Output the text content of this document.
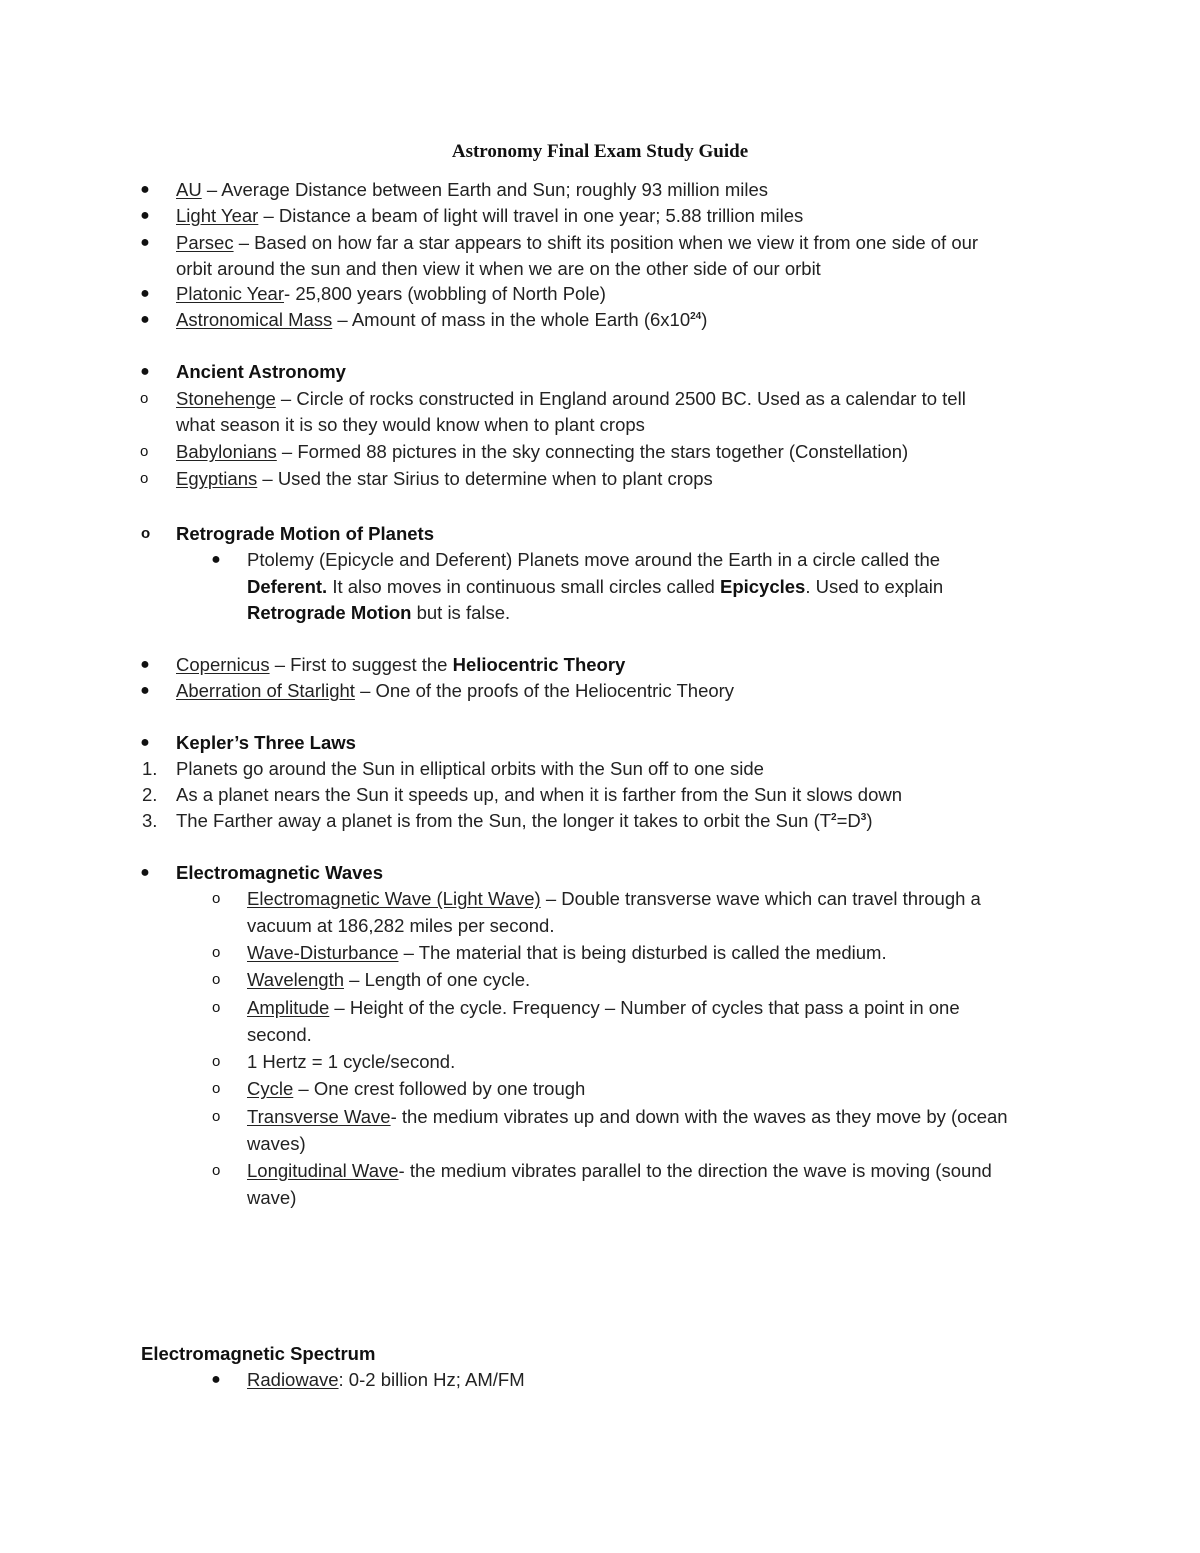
Astronomy Final Exam Study Guide
● AU – Average Distance between Earth and Sun; roughly 93 million miles
● Light Year – Distance a beam of light will travel in one year; 5.88 trillion miles
● Parsec – Based on how far a star appears to shift its position when we view it from one side of our
orbit around the sun and then view it when we are on the other side of our orbit
● Platonic Year- 25,800 years (wobbling of North Pole)
● Astronomical Mass – Amount of mass in the whole Earth $(6x10^{24})$
● Ancient Astronomy
o Stonehenge – Circle of rocks constructed in England around 2500 BC. Used as a calendar to tell
what season it is so they would know when to plant crops
o Babylonians – Formed 88 pictures in the sky connecting the stars together (Constellation)
o Egyptians – Used the star Sirius to determine when to plant crops
o Retrograde Motion of Planets
● Ptolemy (Epicycle and Deferent) Planets move around the Earth in a circle called the
Deferent. It also moves in continuous small circles called Epicycles. Used to explain
Retrograde Motion but is false.
● Copernicus – First to suggest the Heliocentric Theory
● Aberration of Starlight – One of the proofs of the Heliocentric Theory
● Kepler’s Three Laws
1. Planets go around the Sun in elliptical orbits with the Sun off to one side
2. As a planet nears the Sun it speeds up, and when it is farther from the Sun it slows down
3. The Farther away a planet is from the Sun, the longer it takes to orbit the Sun $(T^2=D^3)$
● Electromagnetic Waves
o Electromagnetic Wave (Light Wave) – Double transverse wave which can travel through a
vacuum at 186,282 miles per second.
o Wave-Disturbance – The material that is being disturbed is called the medium.
o Wavelength – Length of one cycle.
o Amplitude – Height of the cycle. Frequency – Number of cycles that pass a point in one
second.
o 1 Hertz = 1 cycle/second.
o Cycle – One crest followed by one trough
o Transverse Wave- the medium vibrates up and down with the waves as they move by (ocean
waves)
o Longitudinal Wave- the medium vibrates parallel to the direction the wave is moving (sound
wave)
Electromagnetic Spectrum
● Radiowave: 0-2 billion Hz; AM/FM
